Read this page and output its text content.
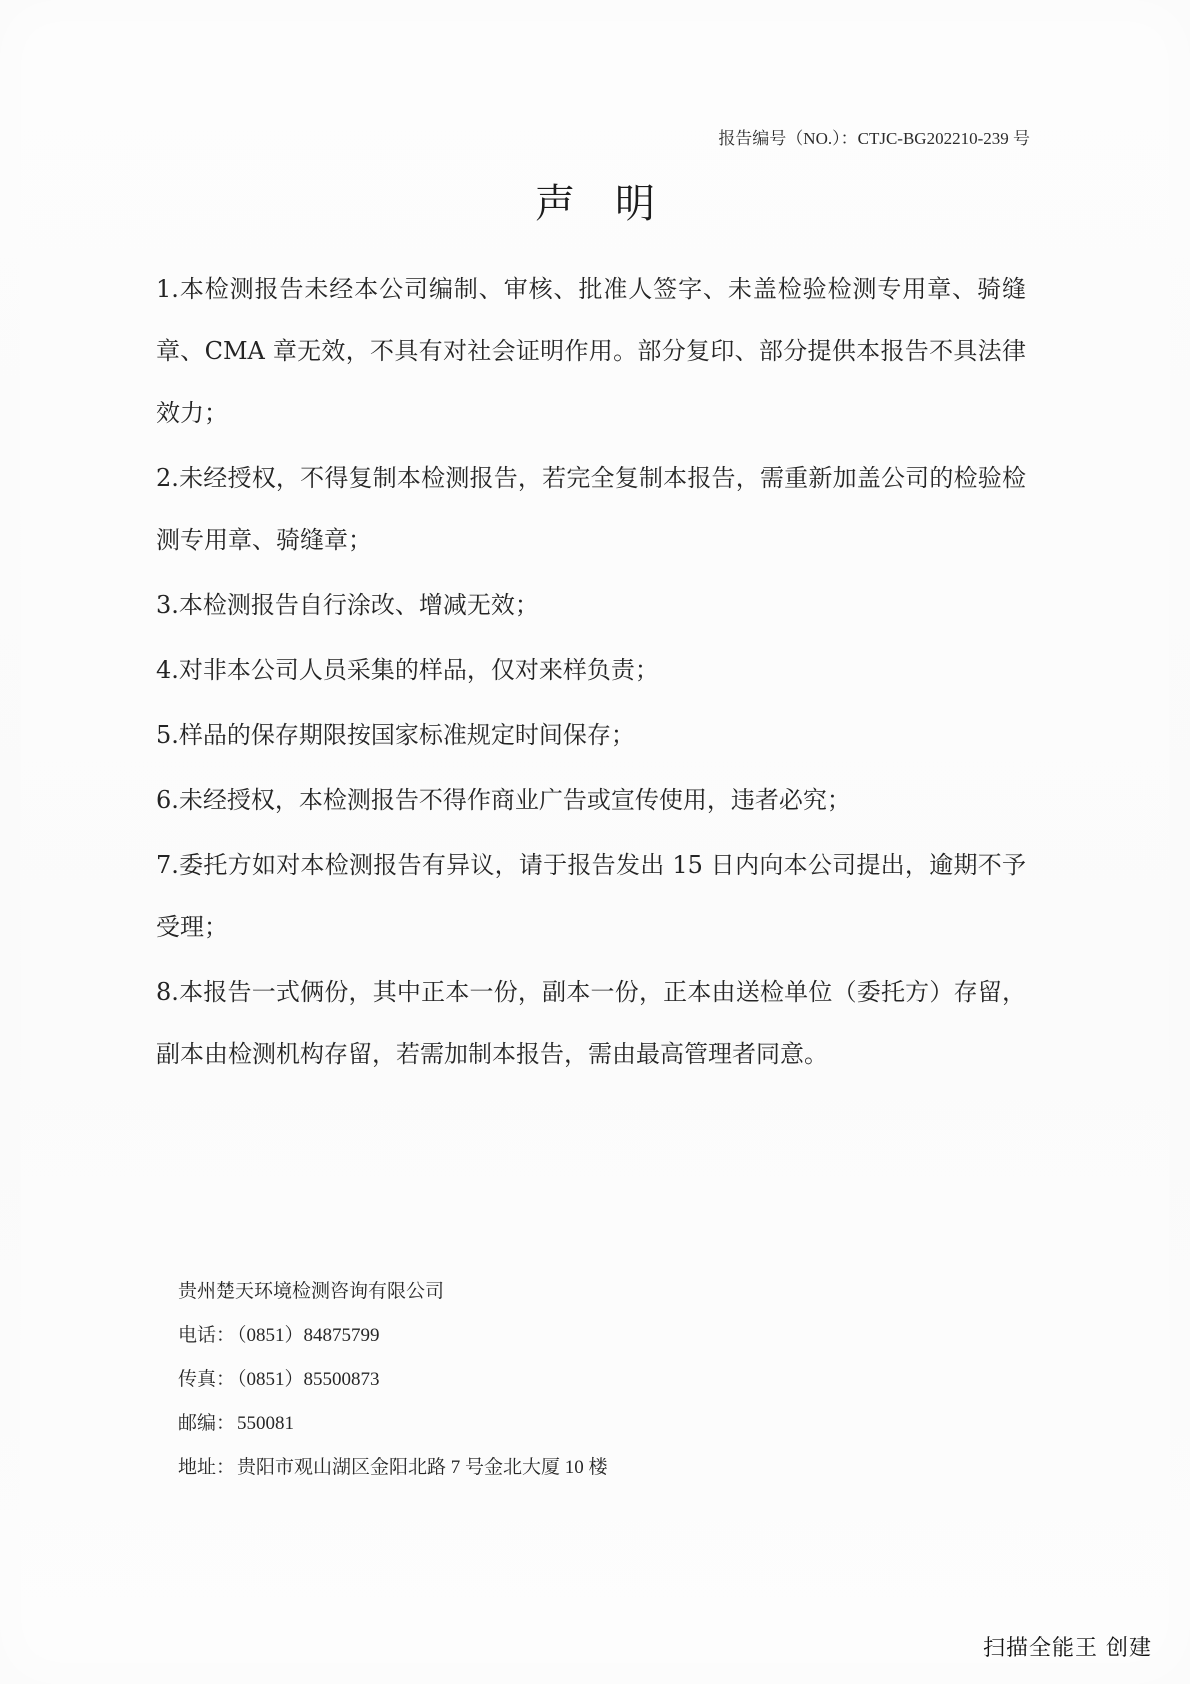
报告编号（NO.）：CTJC-BG202210-239 号
声明

1.本检测报告未经本公司编制、审核、批准人签字、未盖检验检测专用章、骑缝章、CMA 章无效，不具有对社会证明作用。部分复印、部分提供本报告不具法律效力；

2.未经授权，不得复制本检测报告，若完全复制本报告，需重新加盖公司的检验检测专用章、骑缝章；

3.本检测报告自行涂改、增减无效；

4.对非本公司人员采集的样品，仅对来样负责；

5.样品的保存期限按国家标准规定时间保存；

6.未经授权，本检测报告不得作商业广告或宣传使用，违者必究；

7.委托方如对本检测报告有异议，请于报告发出 15 日内向本公司提出，逾期不予受理；

8.本报告一式俩份，其中正本一份，副本一份，正本由送检单位（委托方）存留，副本由检测机构存留，若需加制本报告，需由最高管理者同意。

贵州楚天环境检测咨询有限公司
电话： （0851）84875799
传真： （0851）85500873
邮编： 550081
地址： 贵阳市观山湖区金阳北路 7 号金北大厦 10 楼
扫描全能王 创建
